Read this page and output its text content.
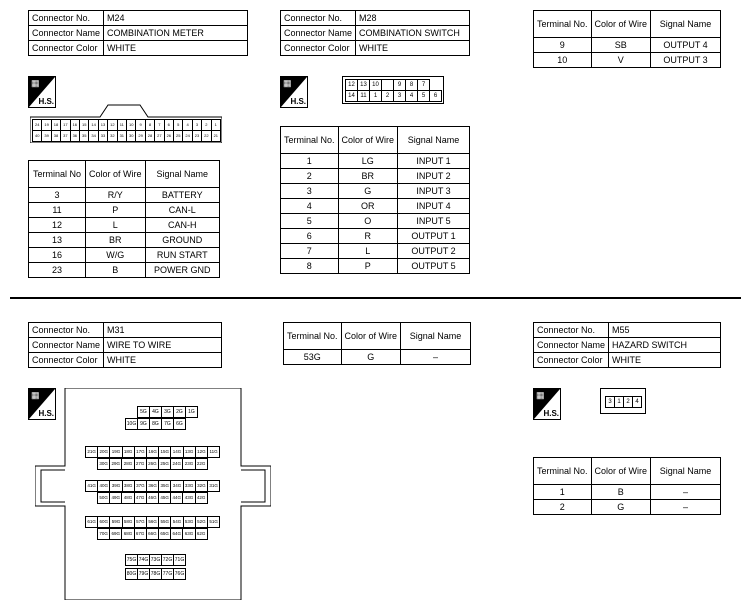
Connector No.	M24
Connector Name	COMBINATION METER
Connector Color	WHITE
▦
H.S.
24	19	18	17	16	15	14	13	12	11	10	9	8	7	6	5	4	3	2	1
40	39	38	37	36	35	34	33	32	31	30	29	28	27	26	25	24	23	22	21
Terminal No	Color of Wire	Signal Name
3	R/Y	BATTERY
11	P	CAN-L
12	L	CAN-H
13	BR	GROUND
16	W/G	RUN START
23	B	POWER GND
Connector No.	M28
Connector Name	COMBINATION SWITCH
Connector Color	WHITE
▦
H.S.
12 13 10	9	8	7
14 11	1	2	3	4	5	6
Terminal No.	Color of Wire	Signal Name
1	LG	INPUT 1
2	BR	INPUT 2
3	G	INPUT 3
4	OR	INPUT 4
5	O	INPUT 5
6	R	OUTPUT 1
7	L	OUTPUT 2
8	P	OUTPUT 5
Terminal No.	Color of Wire	Signal Name
9	SB	OUTPUT 4
10	V	OUTPUT 3
Connector No.	M31
Connector Name	WIRE TO WIRE
Connector Color	WHITE
▦
H.S.	5G	4G	3G	2G	1G
10G 9G	8G	7G	6G
21G 20G 19G 18G 17G 16G 15G 14G 13G 12G 11G
30G 29G 28G 27G 26G 25G 24G 23G 22G
41G 40G 39G 38G 37G 36G 35G 34G 33G 32G 31G
50G 49G 48G 47G 46G 45G 44G 43G 42G
61G 60G 59G 58G 57G 56G 55G 54G 53G 52G 51G
70G 69G 68G 67G 66G 65G 64G 63G 62G
75G 74G 73G 72G 71G
80G 79G 78G 77G 76G
Terminal No.	Color of Wire	Signal Name
53G	G	–
Connector No.	M55
Connector Name	HAZARD SWITCH
Connector Color	WHITE
▦
H.S.
3 1 2 4
Terminal No.	Color of Wire	Signal Name
1	B	–
2	G	–
